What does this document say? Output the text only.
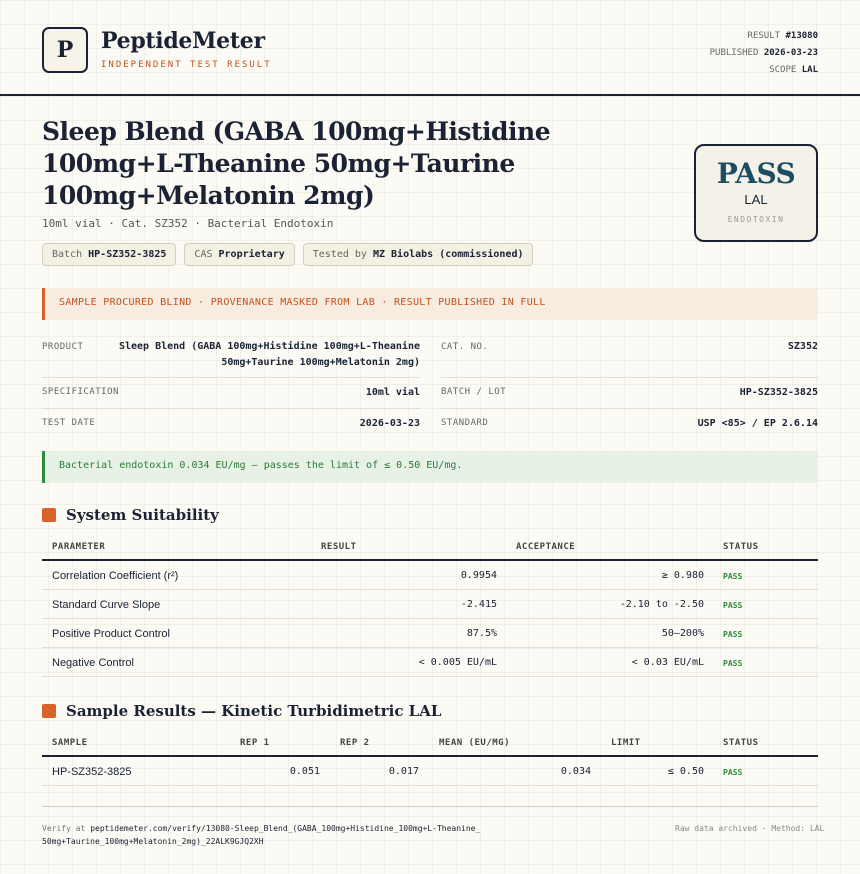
P	PeptideMeter
INDEPENDENT TEST RESULT
RESULT #13080
PUBLISHED 2026-03-23
SCOPE LAL
Sleep Blend (GABA 100mg+Histidine 100mg+L-Theanine 50mg+Taurine 100mg+Melatonin 2mg)
10ml vial · Cat. SZ352 · Bacterial Endotoxin
Batch HP-SZ352-3825	CAS Proprietary	Tested by MZ Biolabs (commissioned)
PASS
LAL
ENDOTOXIN
SAMPLE PROCURED BLIND · PROVENANCE MASKED FROM LAB · RESULT PUBLISHED IN FULL
PRODUCT	Sleep Blend (GABA 100mg+Histidine 100mg+L-Theanine 50mg+Taurine 100mg+Melatonin 2mg)
CAT. NO.	SZ352
SPECIFICATION	10ml vial BATCH / LOT	HP-SZ352-3825
TEST DATE	2026-03-23 STANDARD	USP <85> / EP 2.6.14
Bacterial endotoxin 0.034 EU/mg — passes the limit of ≤ 0.50 EU/mg.
System Suitability
PARAMETER	RESULT	ACCEPTANCE	STATUS
Correlation Coefficient (r²)	0.9954	≥ 0.980 PASS
Standard Curve Slope	-2.415	-2.10 to -2.50 PASS
Positive Product Control	87.5%	50–200% PASS
Negative Control	< 0.005 EU/mL	< 0.03 EU/mL PASS
Sample Results — Kinetic Turbidimetric LAL
SAMPLE	REP 1	REP 2	MEAN (EU/MG)	LIMIT	STATUS
HP-SZ352-3825	0.051	0.017	0.034	≤ 0.50 PASS
Verify at peptidemeter.com/verify/13080-Sleep_Blend_(GABA_100mg+Histidine_100mg+L-Theanine_50mg+Taurine_100mg+Melatonin_2mg)_22ALK9GJQ2XH
Raw data archived · Method: LAL
